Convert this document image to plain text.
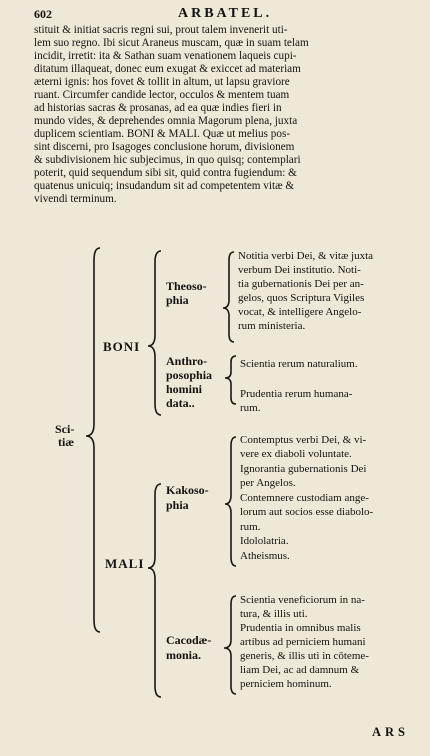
602	ARBATEL.
stituit & initiat sacris regni sui, prout talem invenerit uti-
lem suo regno. Ibi sicut Araneus muscam, quæ in suam telam
incidit, irretit: ita & Sathan suam venationem laqueis cupi-
ditatum illaqueat, donec eum exugat & exiccet ad materiam
æterni ignis: hos fovet & tollit in altum, ut lapsu graviore
ruant. Circumfer candide lector, occulos & mentem tuam
ad historias sacras & prosanas, ad ea quæ indies fieri in
mundo vides, & deprehendes omnia Magorum plena, juxta
duplicem scientiam. BONI & MALI. Quæ ut melius pos-
sint discerni, pro Isagoges conclusione horum, divisionem
& subdivisionem hic subjecimus, in quo quisq; contemplari
poterit, quid sequendum sibi sit, quid contra fugiendum: &
quatenus unicuiq; insudandum sit ad competentem vitæ &
vivendi terminum.
Sci-
tiæ
BONI
MALI
Theoso-
phia
Notitia verbi Dei, & vitæ juxta
verbum Dei institutio. Noti-
tia gubernationis Dei per an-
gelos, quos Scriptura Vigiles
vocat, & intelligere Angelo-
rum ministeria.
Anthro-
posophia
homini
data..
Scientia rerum naturalium.
Prudentia rerum humana-
rum.
Kakoso-
phia
Contemptus verbi Dei, & vi-
vere ex diaboli voluntate.
Ignorantia gubernationis Dei
per Angelos.
Contemnere custodiam ange-
lorum aut socios esse diabolo-
rum.
Idololatria.
Atheismus.
Cacodæ-
monia.
Scientia veneficiorum in na-
tura, & illis uti.
Prudentia in omnibus malis
artibus ad perniciem humani
generis, & illis uti in cōteme-
liam Dei, ac ad damnum &
perniciem hominum.
ARS
